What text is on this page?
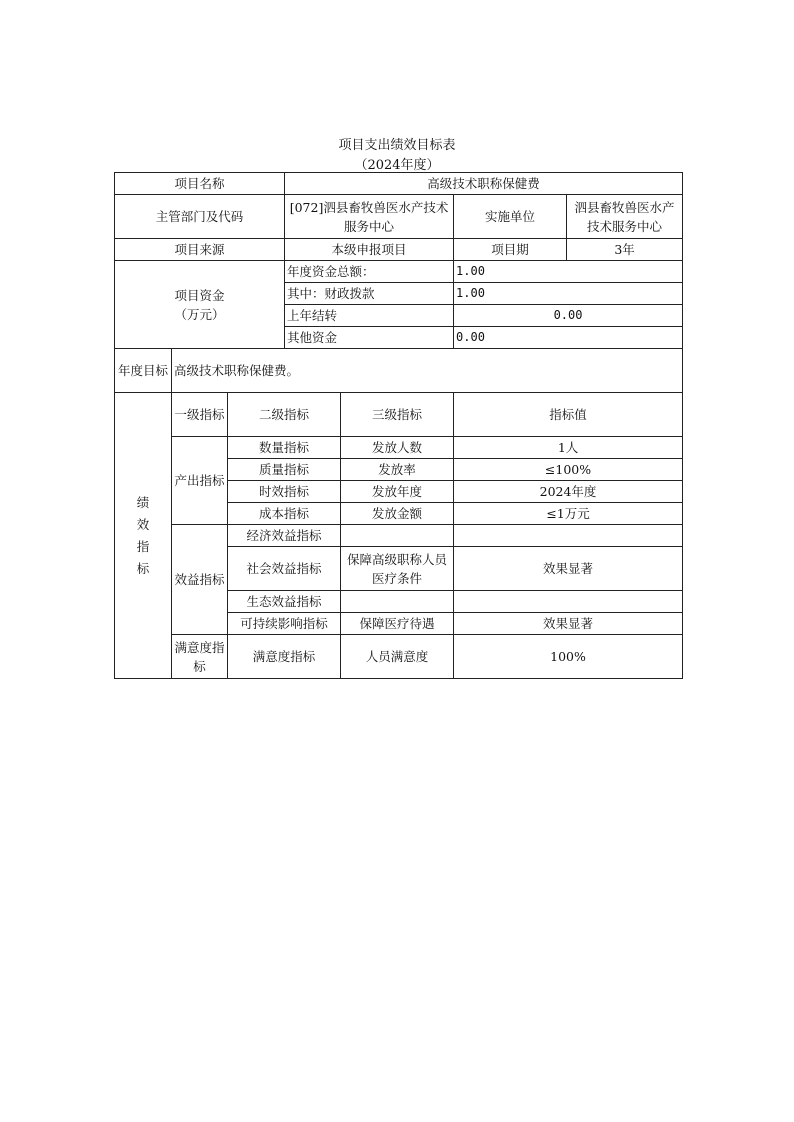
项目支出绩效目标表
（2024年度）
项目名称			高级技术职称保健费			
主管部门及代码			[072]泗县畜牧兽医水产技术服务中心		实施单位	泗县畜牧兽医水产技术服务中心
项目来源			本级申报项目		项目期	3年

项目资金
（万元）			年度资金总额：		1.00	
			其中：财政拨款		1.00	
			上年结转		0.00	
			其他资金		0.00	
年度目标	高级技术职称保健费。					

绩
效
指
标	一级指标	二级指标		三级指标	指标值	
	产出指标	数量指标		发放人数	1人	
		质量指标		发放率	≤100%	
		时效指标		发放年度	2024年度	
		成本指标		发放金额	≤1万元	
	效益指标	经济效益指标				
		社会效益指标		保障高级职称人员医疗条件	效果显著	
		生态效益指标				
		可持续影响指标		保障医疗待遇	效果显著	
	满意度指标	满意度指标		人员满意度	100%	
